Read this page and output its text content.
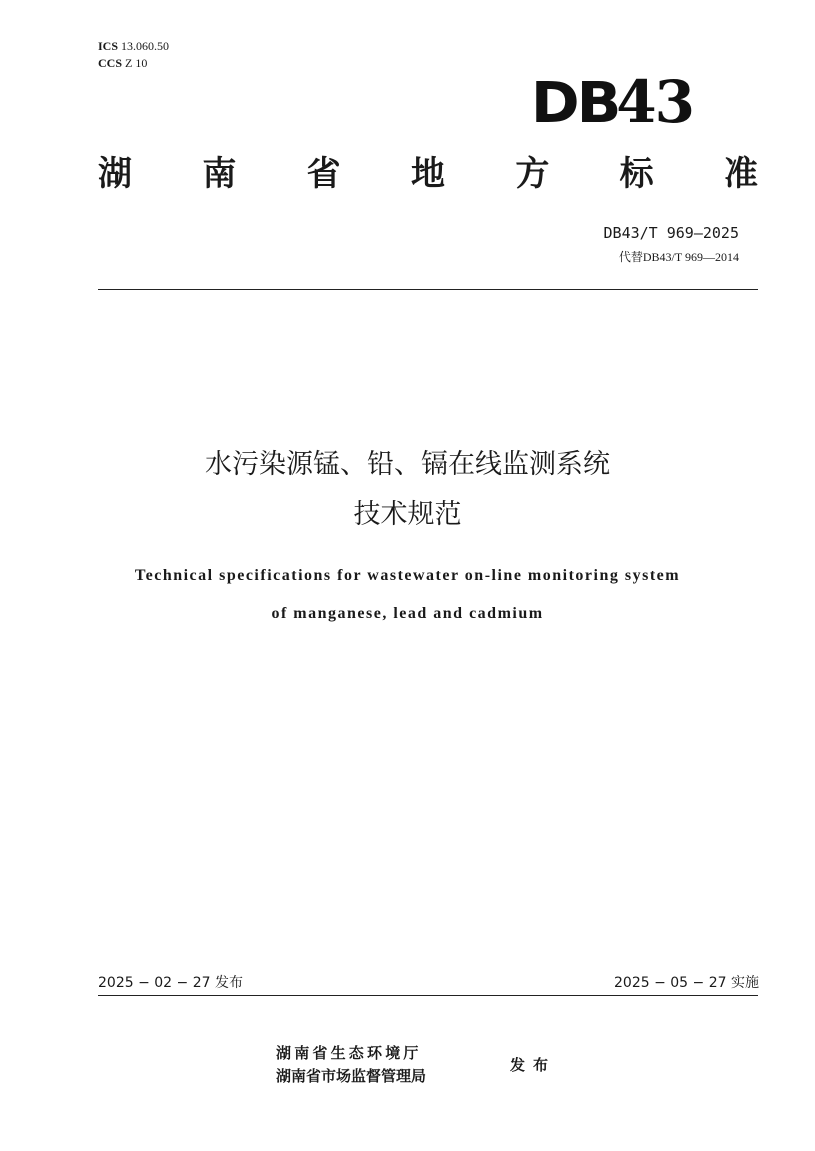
ICS 13.060.50
CCS Z 10
DB43
湖 南 省 地 方 标 准
DB43/T 969—2025
代替DB43/T 969—2014
水污染源锰、铅、镉在线监测系统
技术规范
Technical specifications for wastewater on-line monitoring system
of manganese, lead and cadmium
2025 − 02 − 27 发布	2025 − 05 − 27 实施
湖南省生态环境厅
湖南省市场监督管理局
发布
